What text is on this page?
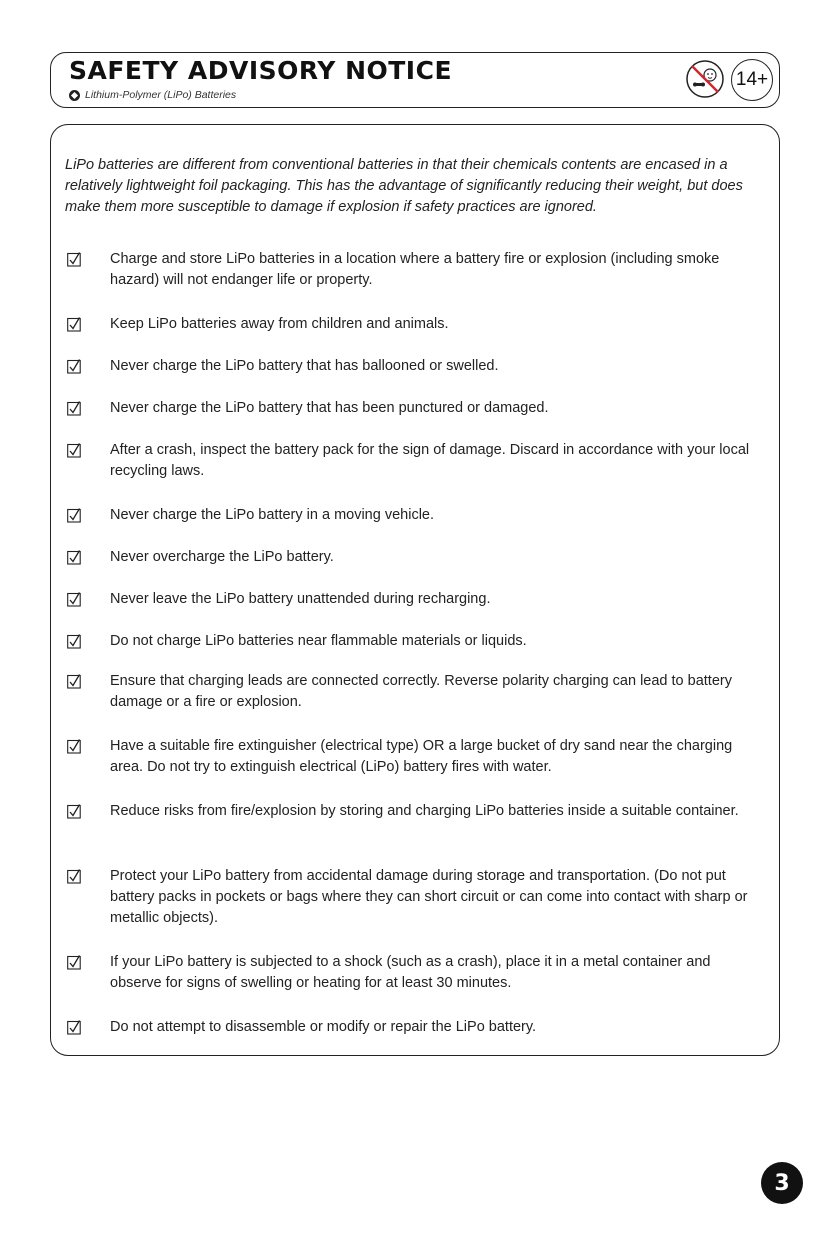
SAFETY ADVISORY NOTICE
Lithium-Polymer (LiPo) Batteries
14+

LiPo batteries are different from conventional batteries in that their chemicals contents are encased in a relatively lightweight foil packaging. This has the advantage of significantly reducing their weight, but does make them more susceptible to damage if explosion if safety practices are ignored.

Charge and store LiPo batteries in a location where a battery fire or explosion (including smoke hazard) will not endanger life or property.
Keep LiPo batteries away from children and animals.
Never charge the LiPo battery that has ballooned or swelled.
Never charge the LiPo battery that has been punctured or damaged.
After a crash, inspect the battery pack for the sign of damage. Discard in accordance with your local recycling laws.
Never charge the LiPo battery in a moving vehicle.
Never overcharge the LiPo battery.
Never leave the LiPo battery unattended during recharging.
Do not charge LiPo batteries near flammable materials or liquids.
Ensure that charging leads are connected correctly. Reverse polarity charging can lead to battery damage or a fire or explosion.
Have a suitable fire extinguisher (electrical type) OR a large bucket of dry sand near the charging area. Do not try to extinguish electrical (LiPo) battery fires with water.
Reduce risks from fire/explosion by storing and charging LiPo batteries inside a suitable container.
Protect your LiPo battery from accidental damage during storage and transportation. (Do not put battery packs in pockets or bags where they can short circuit or can come into contact with sharp or metallic objects).
If your LiPo battery is subjected to a shock (such as a crash), place it in a metal container and observe for signs of swelling or heating for at least 30 minutes.
Do not attempt to disassemble or modify or repair the LiPo battery.
3
